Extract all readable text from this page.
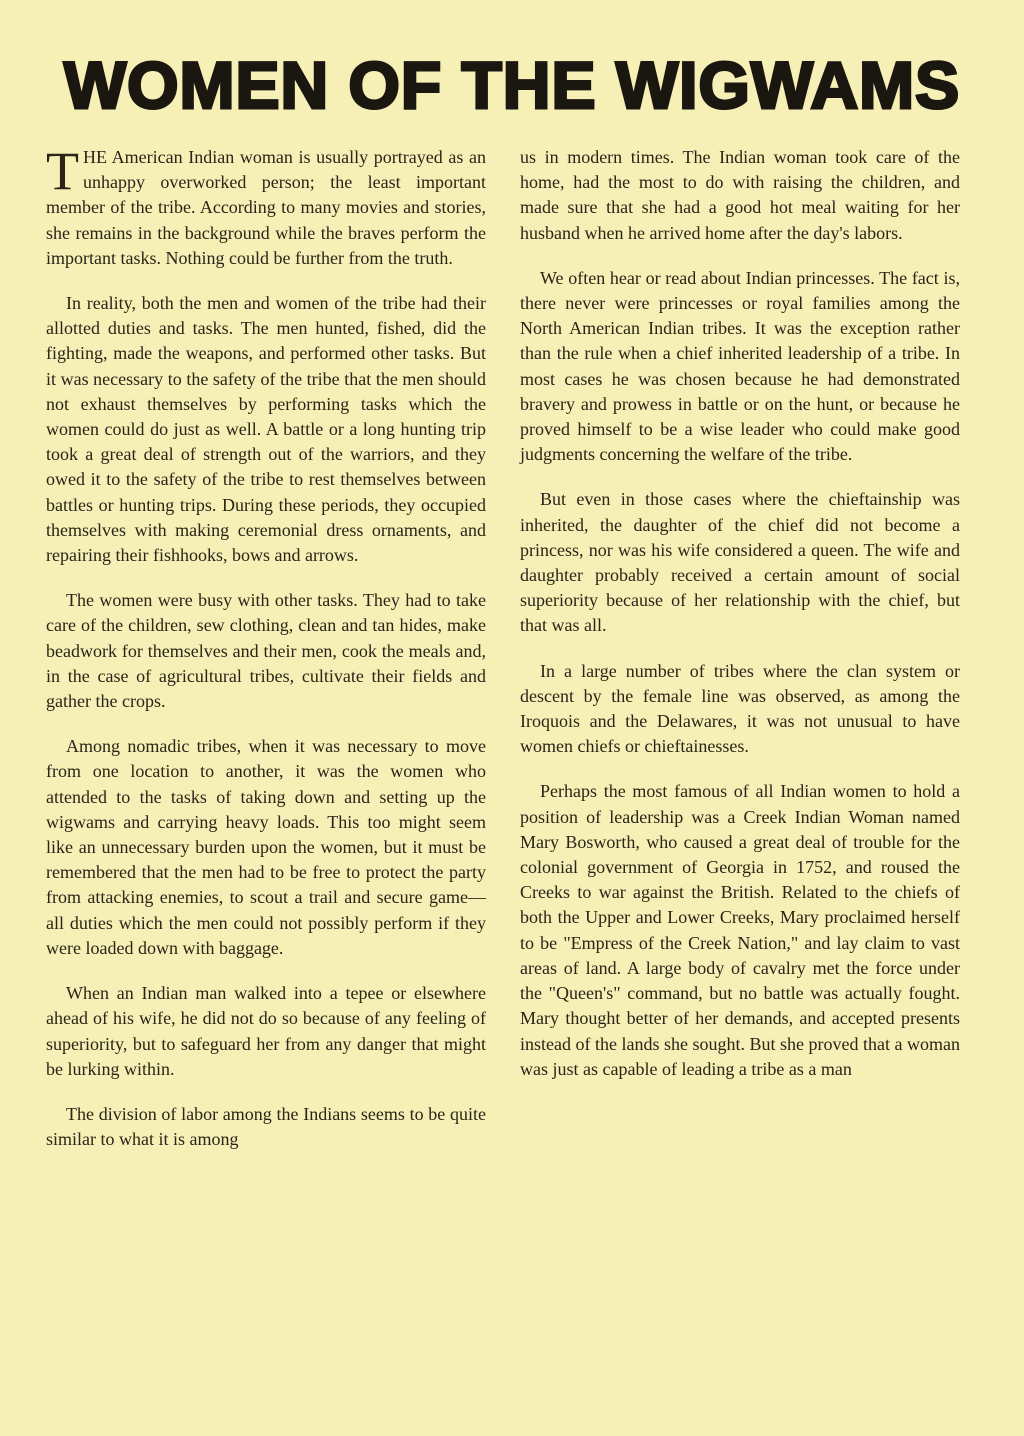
WOMEN OF THE WIGWAMS

THE American Indian woman is usually portrayed as an unhappy overworked person; the least important member of the tribe. According to many movies and stories, she remains in the background while the braves perform the important tasks. Nothing could be further from the truth.

In reality, both the men and women of the tribe had their allotted duties and tasks. The men hunted, fished, did the fighting, made the weapons, and performed other tasks. But it was necessary to the safety of the tribe that the men should not exhaust themselves by performing tasks which the women could do just as well. A battle or a long hunting trip took a great deal of strength out of the warriors, and they owed it to the safety of the tribe to rest themselves between battles or hunting trips. During these periods, they occupied themselves with making ceremonial dress ornaments, and repairing their fishhooks, bows and arrows.

The women were busy with other tasks. They had to take care of the children, sew clothing, clean and tan hides, make beadwork for themselves and their men, cook the meals and, in the case of agricultural tribes, cultivate their fields and gather the crops.

Among nomadic tribes, when it was necessary to move from one location to another, it was the women who attended to the tasks of taking down and setting up the wigwams and carrying heavy loads. This too might seem like an unnecessary burden upon the women, but it must be remembered that the men had to be free to protect the party from attacking enemies, to scout a trail and secure game—all duties which the men could not possibly perform if they were loaded down with baggage.

When an Indian man walked into a tepee or elsewhere ahead of his wife, he did not do so because of any feeling of superiority, but to safeguard her from any danger that might be lurking within.

The division of labor among the Indians seems to be quite similar to what it is among

us in modern times. The Indian woman took care of the home, had the most to do with raising the children, and made sure that she had a good hot meal waiting for her husband when he arrived home after the day's labors.

We often hear or read about Indian princesses. The fact is, there never were princesses or royal families among the North American Indian tribes. It was the exception rather than the rule when a chief inherited leadership of a tribe. In most cases he was chosen because he had demonstrated bravery and prowess in battle or on the hunt, or because he proved himself to be a wise leader who could make good judgments concerning the welfare of the tribe.

But even in those cases where the chieftainship was inherited, the daughter of the chief did not become a princess, nor was his wife considered a queen. The wife and daughter probably received a certain amount of social superiority because of her relationship with the chief, but that was all.

In a large number of tribes where the clan system or descent by the female line was observed, as among the Iroquois and the Delawares, it was not unusual to have women chiefs or chieftainesses.

Perhaps the most famous of all Indian women to hold a position of leadership was a Creek Indian Woman named Mary Bosworth, who caused a great deal of trouble for the colonial government of Georgia in 1752, and roused the Creeks to war against the British. Related to the chiefs of both the Upper and Lower Creeks, Mary proclaimed herself to be "Empress of the Creek Nation," and lay claim to vast areas of land. A large body of cavalry met the force under the "Queen's" command, but no battle was actually fought. Mary thought better of her demands, and accepted presents instead of the lands she sought. But she proved that a woman was just as capable of leading a tribe as a man
